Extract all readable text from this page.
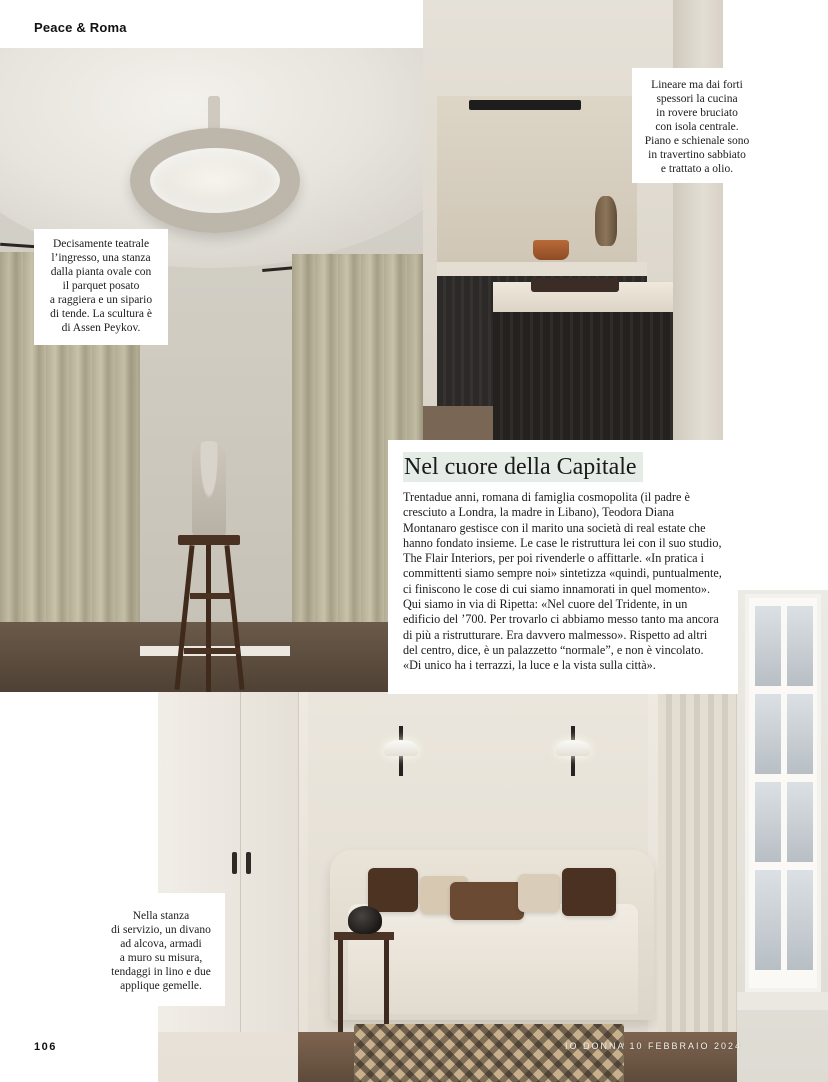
Peace & Roma
Decisamente teatrale
l’ingresso, una stanza
dalla pianta ovale con
il parquet posato
a raggiera e un sipario
di tende. La scultura è
di Assen Peykov.
Lineare ma dai forti
spessori la cucina
in rovere bruciato
con isola centrale.
Piano e schienale sono
in travertino sabbiato
e trattato a olio.
Nella stanza
di servizio, un divano
ad alcova, armadi
a muro su misura,
tendaggi in lino e due
applique gemelle.
Nel cuore della Capitale

Trentadue anni, romana di famiglia cosmopolita (il padre è cresciuto a Londra, la madre in Libano), Teodora Diana Montanaro gestisce con il marito una società di real estate che hanno fondato insieme. Le case le ristruttura lei con il suo studio, The Flair Interiors, per poi rivenderle o affittarle. «In pratica i committenti siamo sempre noi» sintetizza «quindi, puntualmente, ci finiscono le cose di cui siamo innamorati in quel momento». Qui siamo in via di Ripetta: «Nel cuore del Tridente, in un edificio del ’700. Per trovarlo ci abbiamo messo tanto ma ancora di più a ristrutturare. Era davvero malmesso». Rispetto ad altri del centro, dice, è un palazzetto “normale”, e non è vincolato. «Di unico ha i terrazzi, la luce e la vista sulla città».

106	IO DONNA 10 FEBBRAIO 2024
